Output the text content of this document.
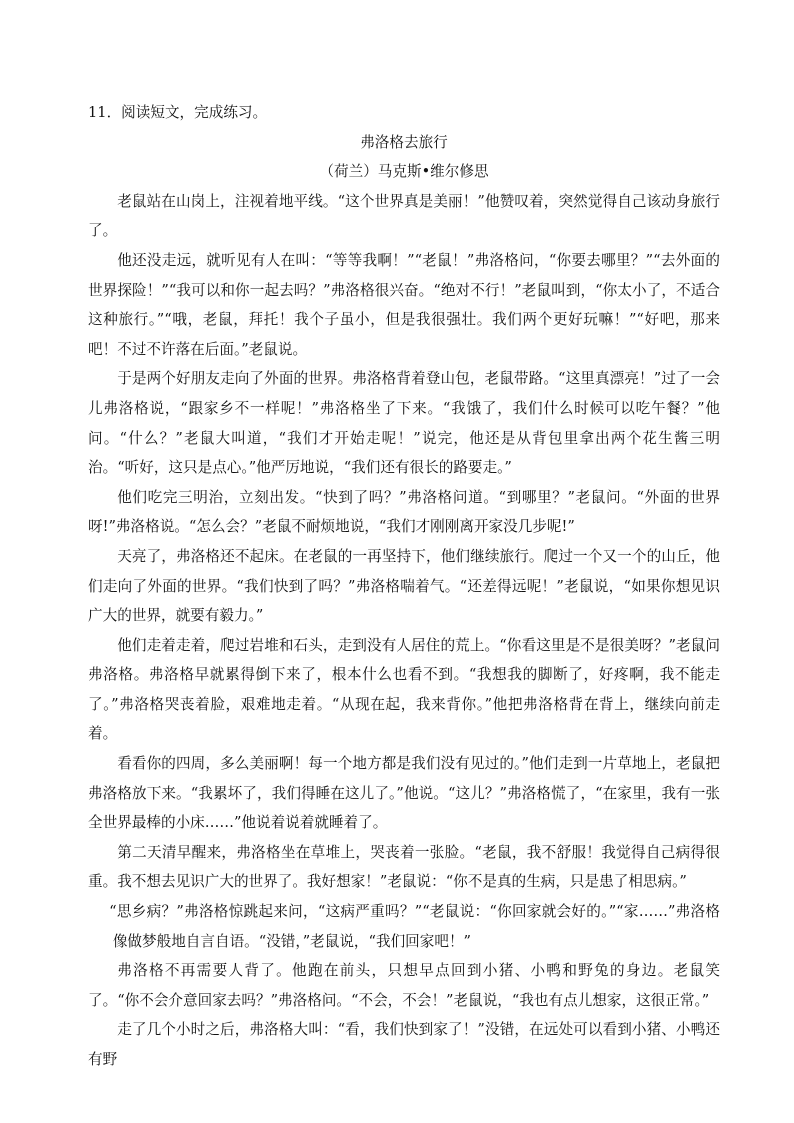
11．阅读短文，完成练习。

弗洛格去旅行

（荷兰）马克斯•维尔修思

老鼠站在山岗上，注视着地平线。“这个世界真是美丽！”他赞叹着，突然觉得自己该动身旅行了。

他还没走远，就听见有人在叫：“等等我啊！”“老鼠！”弗洛格问，“你要去哪里？”“去外面的世界探险！”“我可以和你一起去吗？”弗洛格很兴奋。“绝对不行！”老鼠叫到，“你太小了，不适合这种旅行。”“哦，老鼠，拜托！我个子虽小，但是我很强壮。我们两个更好玩嘛！”“好吧，那来吧！不过不许落在后面。”老鼠说。

于是两个好朋友走向了外面的世界。弗洛格背着登山包，老鼠带路。“这里真漂亮！”过了一会儿弗洛格说，“跟家乡不一样呢！”弗洛格坐了下来。“我饿了，我们什么时候可以吃午餐？”他问。“什么？”老鼠大叫道，“我们才开始走呢！”说完，他还是从背包里拿出两个花生酱三明治。“听好，这只是点心。”他严厉地说，“我们还有很长的路要走。”

他们吃完三明治，立刻出发。“快到了吗？”弗洛格问道。“到哪里？”老鼠问。“外面的世界呀!”弗洛格说。“怎么会？”老鼠不耐烦地说，“我们才刚刚离开家没几步呢!”

天亮了，弗洛格还不起床。在老鼠的一再坚持下，他们继续旅行。爬过一个又一个的山丘，他们走向了外面的世界。“我们快到了吗？”弗洛格喘着气。“还差得远呢！”老鼠说，“如果你想见识广大的世界，就要有毅力。”

他们走着走着，爬过岩堆和石头，走到没有人居住的荒上。“你看这里是不是很美呀？”老鼠问弗洛格。弗洛格早就累得倒下来了，根本什么也看不到。“我想我的脚断了，好疼啊，我不能走了。”弗洛格哭丧着脸，艰难地走着。“从现在起，我来背你。”他把弗洛格背在背上，继续向前走着。

看看你的四周，多么美丽啊！每一个地方都是我们没有见过的。”他们走到一片草地上，老鼠把弗洛格放下来。“我累坏了，我们得睡在这儿了。”他说。“这儿？”弗洛格慌了，“在家里，我有一张全世界最棒的小床……”他说着说着就睡着了。

第二天清早醒来，弗洛格坐在草堆上，哭丧着一张脸。“老鼠，我不舒服！我觉得自己病得很重。我不想去见识广大的世界了。我好想家！”老鼠说：“你不是真的生病，只是患了相思病。”

“思乡病？”弗洛格惊跳起来问，“这病严重吗？”“老鼠说：“你回家就会好的。”“家……”弗洛格像做梦般地自言自语。“没错，”老鼠说，“我们回家吧！”

弗洛格不再需要人背了。他跑在前头，只想早点回到小猪、小鸭和野兔的身边。老鼠笑了。“你不会介意回家去吗？”弗洛格问。“不会，不会！”老鼠说，“我也有点儿想家，这很正常。”

走了几个小时之后，弗洛格大叫：“看，我们快到家了！”没错，在远处可以看到小猪、小鸭还有野
